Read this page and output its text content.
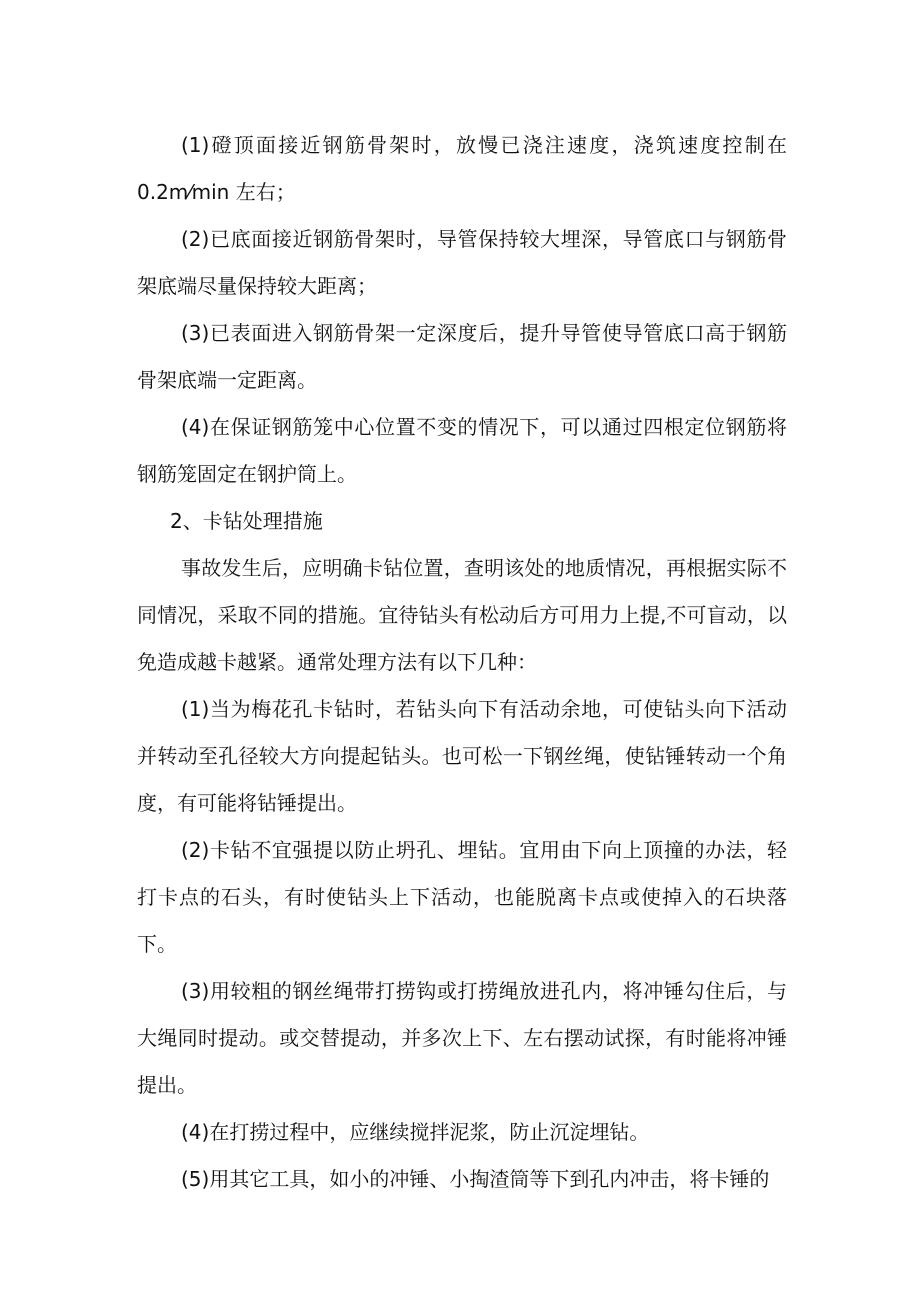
(1)磴顶面接近钢筋骨架时，放慢已浇注速度，浇筑速度控制在0.2m⁄min 左右；

(2)已底面接近钢筋骨架时，导管保持较大埋深，导管底口与钢筋骨架底端尽量保持较大距离；

(3)已表面进入钢筋骨架一定深度后，提升导管使导管底口高于钢筋骨架底端一定距离。

(4)在保证钢筋笼中心位置不变的情况下，可以通过四根定位钢筋将钢筋笼固定在钢护筒上。

2、卡钻处理措施

事故发生后，应明确卡钻位置，查明该处的地质情况，再根据实际不同情况，采取不同的措施。宜待钻头有松动后方可用力上提,不可盲动，以免造成越卡越紧。通常处理方法有以下几种：

(1)当为梅花孔卡钻时，若钻头向下有活动余地，可使钻头向下活动并转动至孔径较大方向提起钻头。也可松一下钢丝绳，使钻锤转动一个角度，有可能将钻锤提出。

(2)卡钻不宜强提以防止坍孔、埋钻。宜用由下向上顶撞的办法，轻打卡点的石头，有时使钻头上下活动，也能脱离卡点或使掉入的石块落下。

(3)用较粗的钢丝绳带打捞钩或打捞绳放进孔内，将冲锤勾住后，与大绳同时提动。或交替提动，并多次上下、左右摆动试探，有时能将冲锤提出。

(4)在打捞过程中，应继续搅拌泥浆，防止沉淀埋钻。

(5)用其它工具，如小的冲锤、小掏渣筒等下到孔内冲击，将卡锤的
